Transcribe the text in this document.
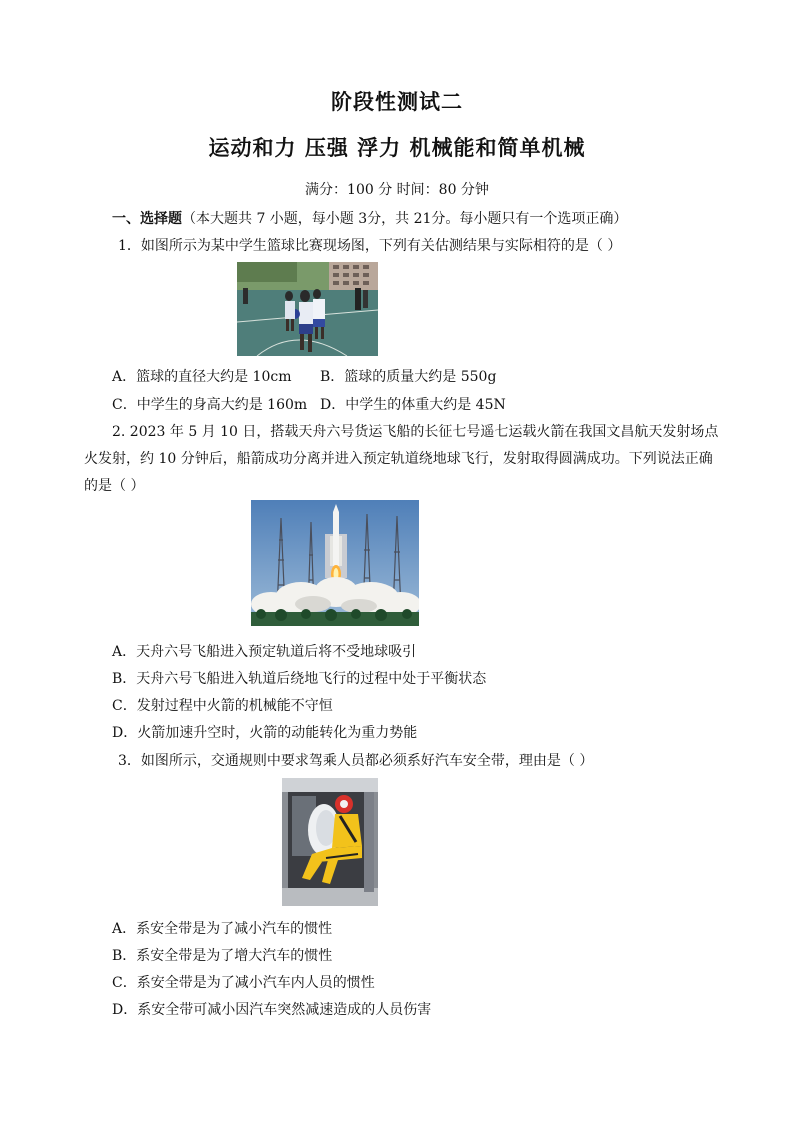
阶段性测试二
运动和力 压强 浮力 机械能和简单机械
满分：100 分 时间：80 分钟
一、选择题（本大题共 7 小题，每小题 3分，共 21分。每小题只有一个选项正确）
1．如图所示为某中学生篮球比赛现场图，下列有关估测结果与实际相符的是（ ）
A．篮球的直径大约是 10cm B．篮球的质量大约是 550g
C．中学生的身高大约是 160m D．中学生的体重大约是 45N
2. 2023 年 5 月 10 日，搭载天舟六号货运飞船的长征七号遥七运载火箭在我国文昌航天发射场点
火发射，约 10 分钟后，船箭成功分离并进入预定轨道绕地球飞行，发射取得圆满成功。下列说法正确
的是（ ）
A．天舟六号飞船进入预定轨道后将不受地球吸引
B．天舟六号飞船进入轨道后绕地飞行的过程中处于平衡状态
C．发射过程中火箭的机械能不守恒
D．火箭加速升空时，火箭的动能转化为重力势能
3．如图所示，交通规则中要求驾乘人员都必须系好汽车安全带，理由是（ ）
A．系安全带是为了减小汽车的惯性
B．系安全带是为了增大汽车的惯性
C．系安全带是为了减小汽车内人员的惯性
D．系安全带可减小因汽车突然减速造成的人员伤害
